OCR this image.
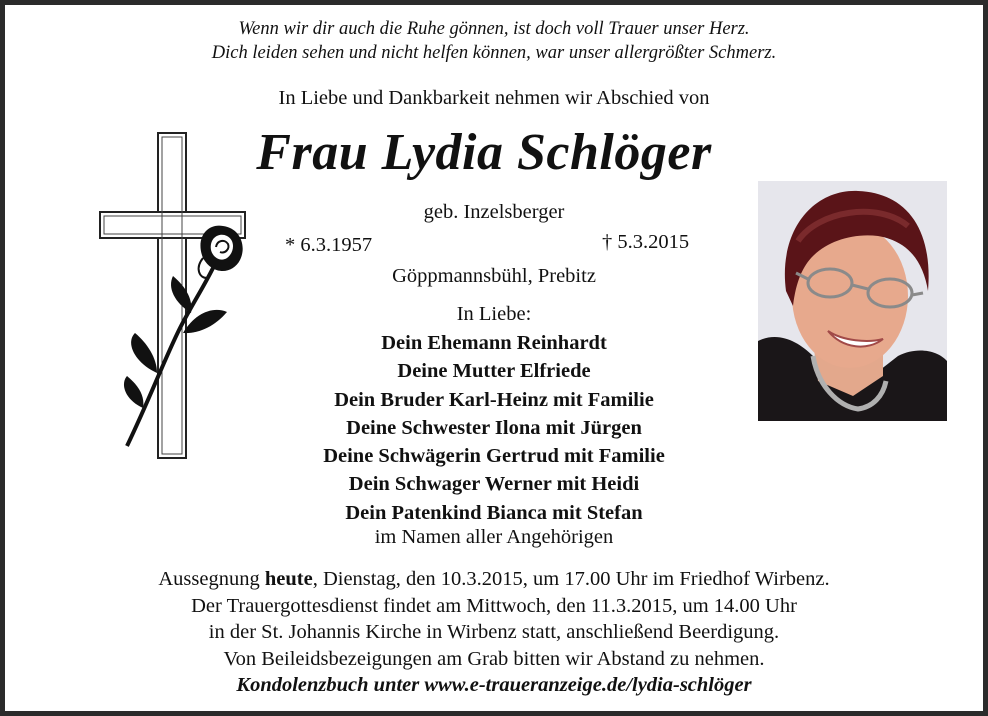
Wenn wir dir auch die Ruhe gönnen, ist doch voll Trauer unser Herz.
Dich leiden sehen und nicht helfen können, war unser allergrößter Schmerz.
In Liebe und Dankbarkeit nehmen wir Abschied von
Frau Lydia Schlöger
geb. Inzelsberger
* 6.3.1957	† 5.3.2015
Göppmannsbühl, Prebitz
In Liebe:
Dein Ehemann Reinhardt
Deine Mutter Elfriede
Dein Bruder Karl-Heinz mit Familie
Deine Schwester Ilona mit Jürgen
Deine Schwägerin Gertrud mit Familie
Dein Schwager Werner mit Heidi
Dein Patenkind Bianca mit Stefan
im Namen aller Angehörigen
Aussegnung heute, Dienstag, den 10.3.2015, um 17.00 Uhr im Friedhof Wirbenz.
Der Trauergottesdienst findet am Mittwoch, den 11.3.2015, um 14.00 Uhr
in der St. Johannis Kirche in Wirbenz statt, anschließend Beerdigung.
Von Beileidsbezeigungen am Grab bitten wir Abstand zu nehmen.
Kondolenzbuch unter www.e-traueranzeige.de/lydia-schlöger
